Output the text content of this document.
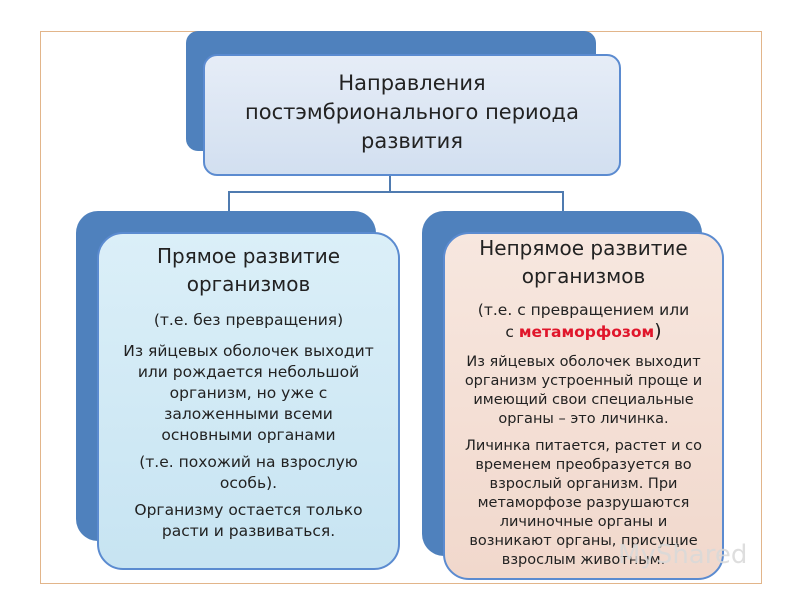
Направления
постэмбрионального периода
развития
Прямое развитие
организмов
(т.е. без превращения)
Из яйцевых оболочек выходит
или рождается небольшой
организм, но уже с
заложенными всеми
основными органами
(т.е. похожий на взрослую
особь).
Организму остается только
расти и развиваться.
Непрямое развитие
организмов
(т.е. с превращением или
с метаморфозом)
Из яйцевых оболочек выходит
организм устроенный проще и
имеющий свои специальные
органы – это личинка.
Личинка питается, растет и со
временем преобразуется во
взрослый организм. При
метаморфозе разрушаются
личиночные органы и
возникают органы, присущие
взрослым животным.
MyShared
